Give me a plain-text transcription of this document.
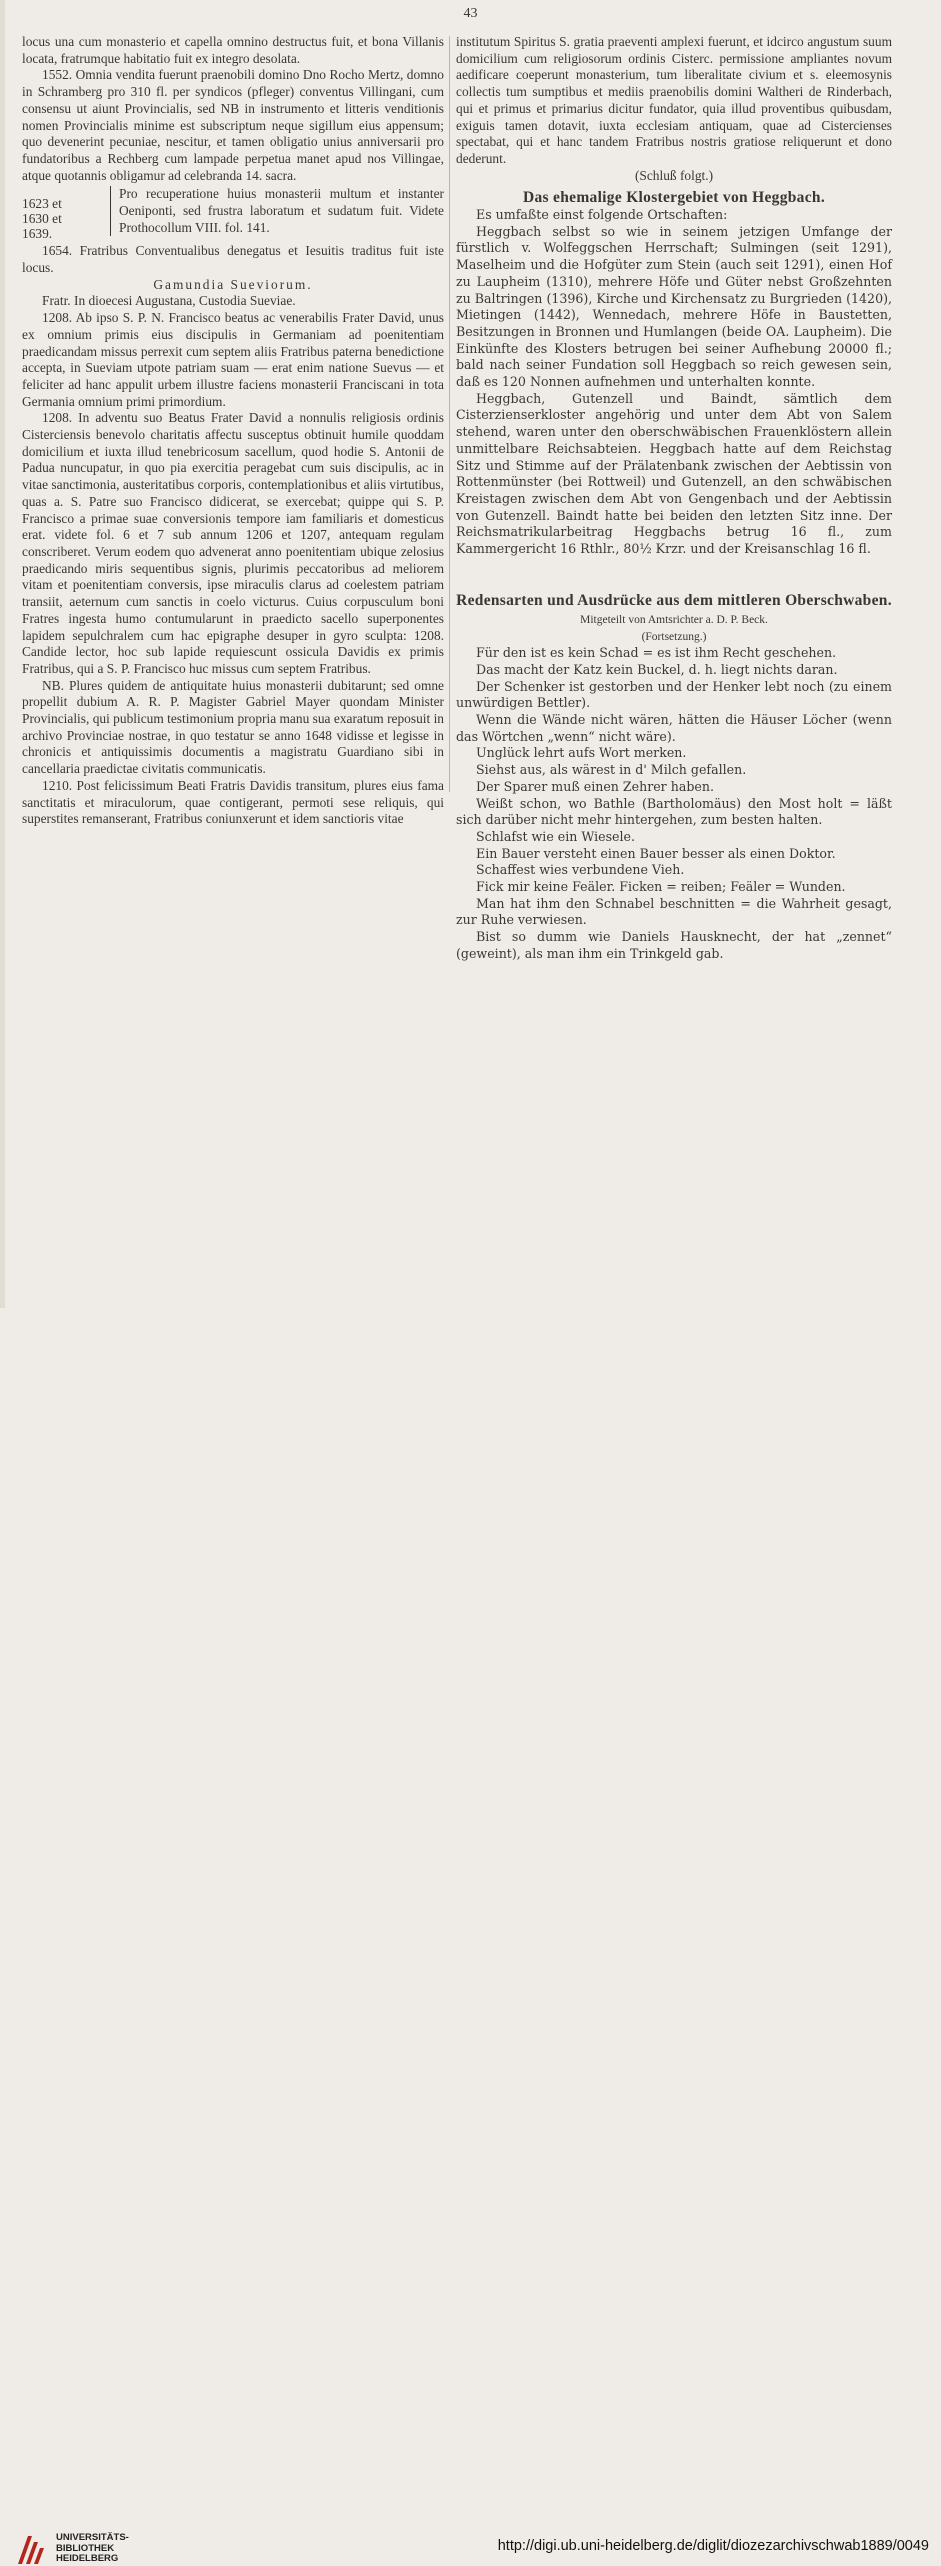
43

locus una cum monasterio et capella omnino destructus fuit, et bona Villanis locata, fratrumque habitatio fuit ex integro desolata.

1552. Omnia vendita fuerunt praenobili domino Dno Rocho Mertz, domno in Schramberg pro 310 fl. per syndicos (pfleger) conventus Villingani, cum consensu ut aiunt Provincialis, sed NB in instrumento et litteris venditionis nomen Provincialis minime est subscriptum neque sigillum eius appensum; quo devenerint pecuniae, nescitur, et tamen obligatio unius anniversarii pro fundatoribus a Rechberg cum lampade perpetua manet apud nos Villingae, atque quotannis obligamur ad celebranda 14. sacra.

1623 et
1630 et
1639.
Pro recuperatione huius monasterii multum et instanter Oeniponti, sed frustra laboratum et sudatum fuit. Videte Prothocollum VIII. fol. 141.

1654. Fratribus Conventualibus denegatus et Iesuitis traditus fuit iste locus.

Gamundia Sueviorum.

Fratr. In dioecesi Augustana, Custodia Sueviae.

1208. Ab ipso S. P. N. Francisco beatus ac venerabilis Frater David, unus ex omnium primis eius discipulis in Germaniam ad poenitentiam praedicandam missus perrexit cum septem aliis Fratribus paterna benedictione accepta, in Sueviam utpote patriam suam — erat enim natione Suevus — et feliciter ad hanc appulit urbem illustre faciens monasterii Franciscani in tota Germania omnium primi primordium.

1208. In adventu suo Beatus Frater David a nonnulis religiosis ordinis Cisterciensis benevolo charitatis affectu susceptus obtinuit humile quoddam domicilium et iuxta illud tenebricosum sacellum, quod hodie S. Antonii de Padua nuncupatur, in quo pia exercitia peragebat cum suis discipulis, ac in vitae sanctimonia, austeritatibus corporis, contemplationibus et aliis virtutibus, quas a. S. Patre suo Francisco didicerat, se exercebat; quippe qui S. P. Francisco a primae suae conversionis tempore iam familiaris et domesticus erat. videte fol. 6 et 7 sub annum 1206 et 1207, antequam regulam conscriberet. Verum eodem quo advenerat anno poenitentiam ubique zelosius praedicando miris sequentibus signis, plurimis peccatoribus ad meliorem vitam et poenitentiam conversis, ipse miraculis clarus ad coelestem patriam transiit, aeternum cum sanctis in coelo victurus. Cuius corpusculum boni Fratres ingesta humo contumularunt in praedicto sacello superponentes lapidem sepulchralem cum hac epigraphe desuper in gyro sculpta: 1208. Candide lector, hoc sub lapide requiescunt ossicula Davidis ex primis Fratribus, qui a S. P. Francisco huc missus cum septem Fratribus.

NB. Plures quidem de antiquitate huius monasterii dubitarunt; sed omne propellit dubium A. R. P. Magister Gabriel Mayer quondam Minister Provincialis, qui publicum testimonium propria manu sua exaratum reposuit in archivo Provinciae nostrae, in quo testatur se anno 1648 vidisse et legisse in chronicis et antiquissimis documentis a magistratu Guardiano sibi in cancellaria praedictae civitatis communicatis.

1210. Post felicissimum Beati Fratris Davidis transitum, plures eius fama sanctitatis et miraculorum, quae contigerant, permoti sese reliquis, qui superstites remanserant, Fratribus coniunxerunt et idem sanctioris vitae

institutum Spiritus S. gratia praeventi amplexi fuerunt, et idcirco angustum suum domicilium cum religiosorum ordinis Cisterc. permissione ampliantes novum aedificare coeperunt monasterium, tum liberalitate civium et s. eleemosynis collectis tum sumptibus et mediis praenobilis domini Waltheri de Rinderbach, qui et primus et primarius dicitur fundator, quia illud proventibus quibusdam, exiguis tamen dotavit, iuxta ecclesiam antiquam, quae ad Cistercienses spectabat, qui et hanc tandem Fratribus nostris gratiose reliquerunt et dono dederunt.

(Schluß folgt.)

Das ehemalige Klostergebiet von Heggbach.

Es umfaßte einst folgende Ortschaften:

Heggbach selbst so wie in seinem jetzigen Umfange der fürstlich v. Wolfeggschen Herrschaft; Sulmingen (seit 1291), Maselheim und die Hofgüter zum Stein (auch seit 1291), einen Hof zu Laupheim (1310), mehrere Höfe und Güter nebst Großzehnten zu Baltringen (1396), Kirche und Kirchensatz zu Burgrieden (1420), Mietingen (1442), Wennedach, mehrere Höfe in Baustetten, Besitzungen in Bronnen und Humlangen (beide OA. Laupheim). Die Einkünfte des Klosters betrugen bei seiner Aufhebung 20000 fl.; bald nach seiner Fundation soll Heggbach so reich gewesen sein, daß es 120 Nonnen aufnehmen und unterhalten konnte.

Heggbach, Gutenzell und Baindt, sämtlich dem Cisterzienserkloster angehörig und unter dem Abt von Salem stehend, waren unter den oberschwäbischen Frauenklöstern allein unmittelbare Reichsabteien. Heggbach hatte auf dem Reichstag Sitz und Stimme auf der Prälatenbank zwischen der Aebtissin von Rottenmünster (bei Rottweil) und Gutenzell, an den schwäbischen Kreistagen zwischen dem Abt von Gengenbach und der Aebtissin von Gutenzell. Baindt hatte bei beiden den letzten Sitz inne. Der Reichsmatrikularbeitrag Heggbachs betrug 16 fl., zum Kammergericht 16 Rthlr., 80½ Krzr. und der Kreisanschlag 16 fl.

Redensarten und Ausdrücke aus dem mittleren Oberschwaben.

Mitgeteilt von Amtsrichter a. D. P. Beck.

(Fortsetzung.)

Für den ist es kein Schad = es ist ihm Recht geschehen.

Das macht der Katz kein Buckel, d. h. liegt nichts daran.

Der Schenker ist gestorben und der Henker lebt noch (zu einem unwürdigen Bettler).

Wenn die Wände nicht wären, hätten die Häuser Löcher (wenn das Wörtchen „wenn“ nicht wäre).

Unglück lehrt aufs Wort merken.

Siehst aus, als wärest in d' Milch gefallen.

Der Sparer muß einen Zehrer haben.

Weißt schon, wo Bathle (Bartholomäus) den Most holt = läßt sich darüber nicht mehr hintergehen, zum besten halten.

Schlafst wie ein Wiesele.

Ein Bauer versteht einen Bauer besser als einen Doktor.

Schaffest wies verbundene Vieh.

Fick mir keine Feäler. Ficken = reiben; Feäler = Wunden.

Man hat ihm den Schnabel beschnitten = die Wahrheit gesagt, zur Ruhe verwiesen.

Bist so dumm wie Daniels Hausknecht, der hat „zennet“ (geweint), als man ihm ein Trinkgeld gab.

UNIVERSITÄTS-
BIBLIOTHEK
HEIDELBERG
http://digi.ub.uni-heidelberg.de/diglit/diozezarchivschwab1889/0049
